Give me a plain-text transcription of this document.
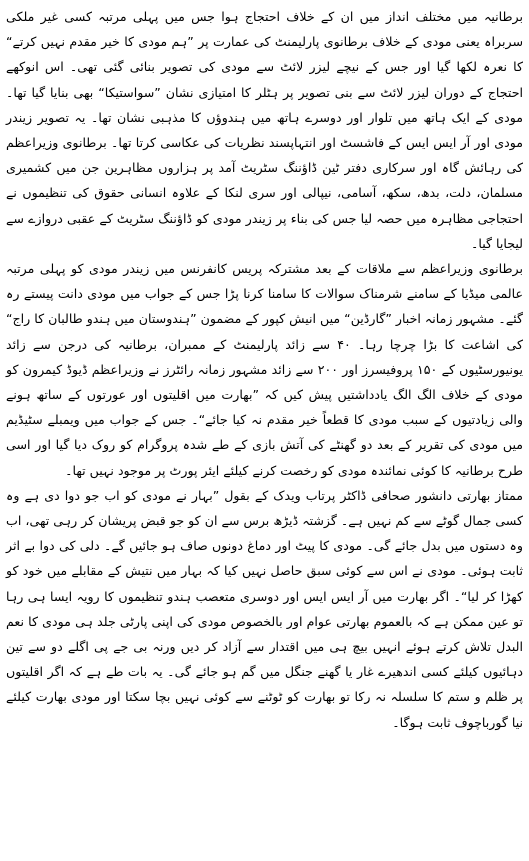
برطانیہ میں مختلف انداز میں ان کے خلاف احتجاج ہوا جس میں پہلی مرتبہ کسی غیر ملکی سربراہ یعنی مودی کے خلاف برطانوی پارلیمنٹ کی عمارت پر ”ہم مودی کا خیر مقدم نہیں کرتے“ کا نعرہ لکھا گیا اور جس کے نیچے لیزر لائٹ سے مودی کی تصویر بنائی گئی تھی۔ اس انوکھے احتجاج کے دوران لیزر لائٹ سے بنی تصویر پر ہٹلر کا امتیازی نشان ”سواستیکا“ بھی بنایا گیا تھا۔ مودی کے ایک ہاتھ میں تلوار اور دوسرے ہاتھ میں ہندوؤں کا مذہبی نشان تھا۔ یہ تصویر زیندر مودی اور آر ایس ایس کے فاشسٹ اور انتہاپسند نظریات کی عکاسی کرتا تھا۔ برطانوی وزیراعظم کی رہائش گاہ اور سرکاری دفتر ٹین ڈاؤننگ سٹریٹ آمد پر ہزاروں مظاہرین جن میں کشمیری مسلمان، دلت، بدھ، سکھ، آسامی، نیپالی اور سری لنکا کے علاوہ انسانی حقوق کی تنظیموں نے احتجاجی مظاہرہ میں حصہ لیا جس کی بناء پر زیندر مودی کو ڈاؤننگ سٹریٹ کے عقبی دروازے سے لیجایا گیا۔

برطانوی وزیراعظم سے ملاقات کے بعد مشترکہ پریس کانفرنس میں زیندر مودی کو پہلی مرتبہ عالمی میڈیا کے سامنے شرمناک سوالات کا سامنا کرنا پڑا جس کے جواب میں مودی دانت پیستے رہ گئے۔ مشہور زمانہ اخبار ”گارڈین“ میں انیش کپور کے مضمون ”ہندوستان میں ہندو طالبان کا راج“ کی اشاعت کا بڑا چرچا رہا۔ ۴۰ سے زائد پارلیمنٹ کے ممبران، برطانیہ کی درجن سے زائد یونیورسٹیوں کے ۱۵۰ پروفیسرز اور ۲۰۰ سے زائد مشہور زمانہ رائٹرز نے وزیراعظم ڈیوڈ کیمرون کو مودی کے خلاف الگ الگ یادداشتیں پیش کیں کہ ”بھارت میں اقلیتوں اور عورتوں کے ساتھ ہونے والی زیادتیوں کے سبب مودی کا قطعاً خیر مقدم نہ کیا جائے“۔ جس کے جواب میں ویمبلے سٹیڈیم میں مودی کی تقریر کے بعد دو گھنٹے کی آتش بازی کے طے شدہ پروگرام کو روک دیا گیا اور اسی طرح برطانیہ کا کوئی نمائندہ مودی کو رخصت کرنے کیلئے ایئر پورٹ پر موجود نہیں تھا۔

ممتاز بھارتی دانشور صحافی ڈاکٹر پرتاب ویدک کے بقول ”بہار نے مودی کو اب جو دوا دی ہے وہ کسی جمال گوٹے سے کم نہیں ہے۔ گزشتہ ڈیڑھ برس سے ان کو جو قبض پریشان کر رہی تھی، اب وہ دستوں میں بدل جائے گی۔ مودی کا پیٹ اور دماغ دونوں صاف ہو جائیں گے۔ دلی کی دوا بے اثر ثابت ہوئی۔ مودی نے اس سے کوئی سبق حاصل نہیں کیا کہ بہار میں نتیش کے مقابلے میں خود کو کھڑا کر لیا“۔ اگر بھارت میں آر ایس ایس اور دوسری متعصب ہندو تنظیموں کا رویہ ایسا ہی رہا تو عین ممکن ہے کہ بالعموم بھارتی عوام اور بالخصوص مودی کی اپنی پارٹی جلد ہی مودی کا نعم البدل تلاش کرتے ہوئے انہیں بیچ ہی میں اقتدار سے آزاد کر دیں ورنہ بی جے پی اگلے دو سے تین دہائیوں کیلئے کسی اندھیرے غار یا گھنے جنگل میں گم ہو جائے گی۔ یہ بات طے ہے کہ اگر اقلیتوں پر ظلم و ستم کا سلسلہ نہ رکا تو بھارت کو ٹوٹنے سے کوئی نہیں بچا سکتا اور مودی بھارت کیلئے نیا گورباچوف ثابت ہوگا۔
